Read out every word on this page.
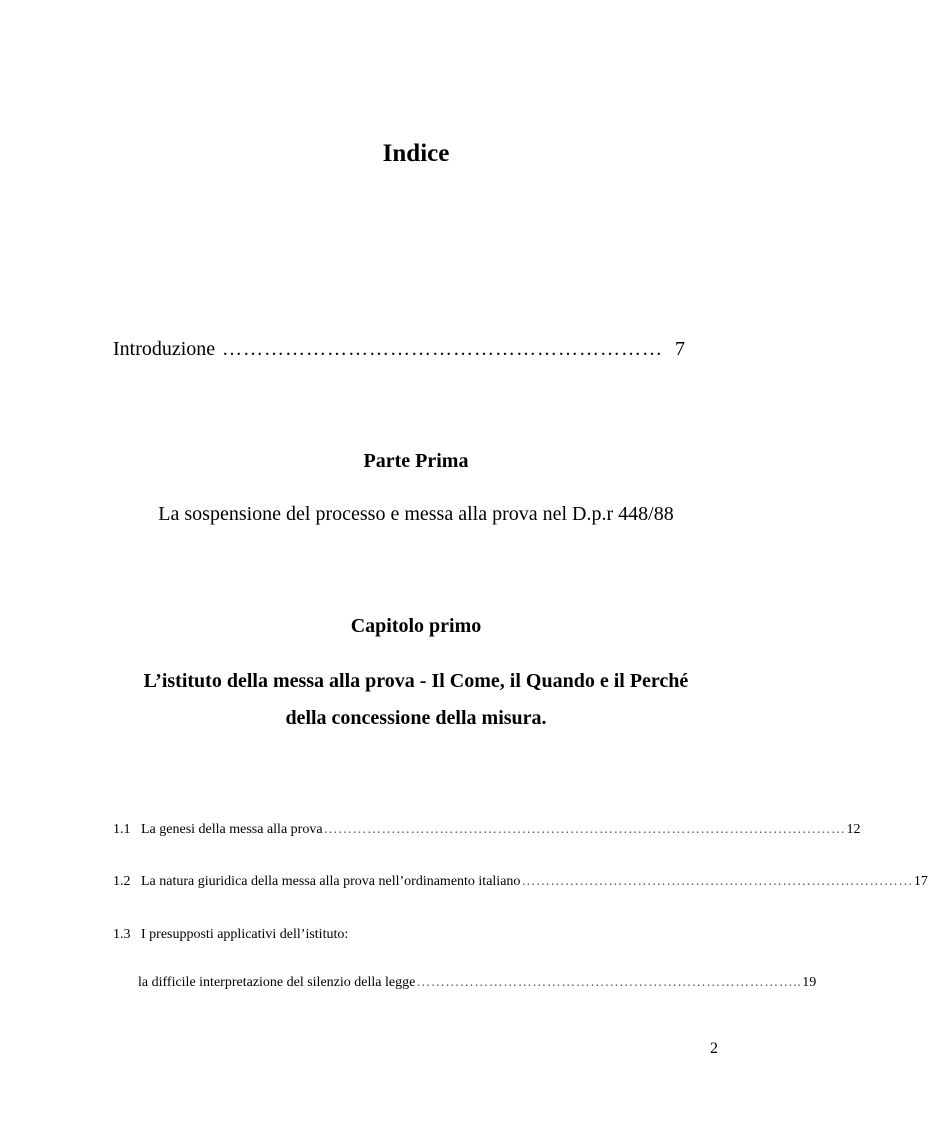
Indice
Introduzione ……………………………………………………… 7
Parte Prima
La sospensione del processo e messa alla prova nel D.p.r 448/88
Capitolo primo
L’istituto della messa alla prova - Il Come, il Quando e il Perché
della concessione della misura.
1.1 La genesi della messa alla prova ……………………………………………………………………………………………… 12
1.2 La natura giuridica della messa alla prova nell’ordinamento italiano ……………………………………………………………………… 17
1.3 I presupposti applicativi dell’istituto:
la difficile interpretazione del silenzio della legge …………………………………………………………………….. 19
2
